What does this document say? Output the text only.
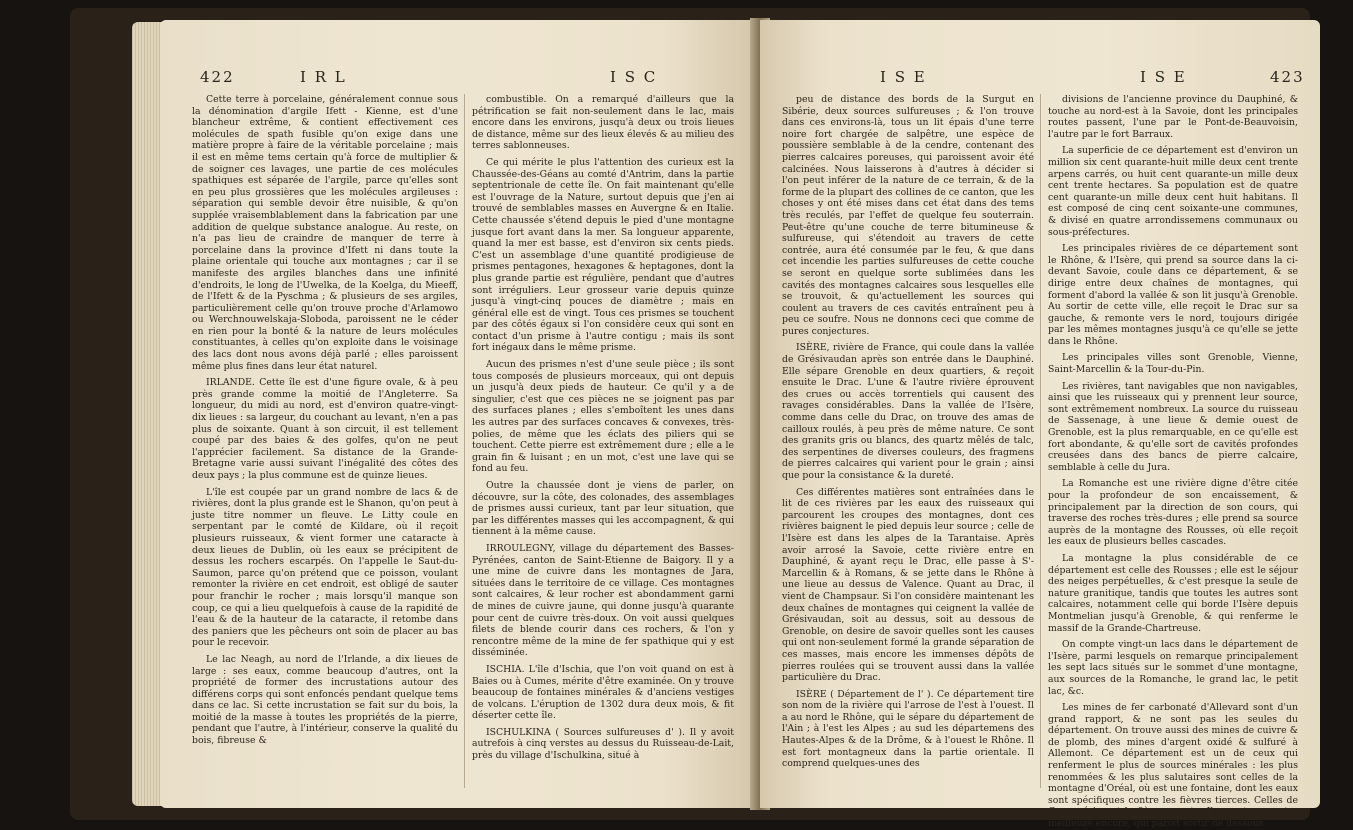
422	I R L	I S C

Cette terre à porcelaine, généralement connue sous la dénomination d'argile Ifett - Kienne, est d'une blancheur extrême, & contient effectivement ces molécules de spath fusible qu'on exige dans une matière propre à faire de la véritable porcelaine ; mais il est en même tems certain qu'à force de multiplier & de soigner ces lavages, une partie de ces molécules spathiques est séparée de l'argile, parce qu'elles sont en peu plus grossières que les molécules argileuses : séparation qui semble devoir être nuisible, & qu'on supplée vraisemblablement dans la fabrication par une addition de quelque substance analogue. Au reste, on n'a pas lieu de craindre de manquer de terre à porcelaine dans la province d'Ifett ni dans toute la plaine orientale qui touche aux montagnes ; car il se manifeste des argiles blanches dans une infinité d'endroits, le long de l'Uwelka, de la Koelga, du Mieeff, de l'Ifett & de la Pyschma ; & plusieurs de ses argiles, particulièrement celle qu'on trouve proche d'Arlamowo ou Werchnouwelskaja-Sloboda, paroissent ne le céder en rien pour la bonté & la nature de leurs molécules constituantes, à celles qu'on exploite dans le voisinage des lacs dont nous avons déjà parlé ; elles paroissent même plus fines dans leur état naturel.

IRLANDE. Cette île est d'une figure ovale, & à peu près grande comme la moitié de l'Angleterre. Sa longueur, du midi au nord, est d'environ quatre-vingt-dix lieues : sa largeur, du couchant au levant, n'en a pas plus de soixante. Quant à son circuit, il est tellement coupé par des baies & des golfes, qu'on ne peut l'apprécier facilement. Sa distance de la Grande-Bretagne varie aussi suivant l'inégalité des côtes des deux pays ; la plus commune est de quinze lieues.

L'île est coupée par un grand nombre de lacs & de rivières, dont la plus grande est le Shanon, qu'on peut à juste titre nommer un fleuve. Le Litty coule en serpentant par le comté de Kildare, où il reçoit plusieurs ruisseaux, & vient former une cataracte à deux lieues de Dublin, où les eaux se précipitent de dessus les rochers escarpés. On l'appelle le Saut-du-Saumon, parce qu'on prétend que ce poisson, voulant remonter la rivière en cet endroit, est obligé de sauter pour franchir le rocher ; mais lorsqu'il manque son coup, ce qui a lieu quelquefois à cause de la rapidité de l'eau & de la hauteur de la cataracte, il retombe dans des paniers que les pêcheurs ont soin de placer au bas pour le recevoir.

Le lac Neagh, au nord de l'Irlande, a dix lieues de large : ses eaux, comme beaucoup d'autres, ont la propriété de former des incrustations autour des différens corps qui sont enfoncés pendant quelque tems dans ce lac. Si cette incrustation se fait sur du bois, la moitié de la masse à toutes les propriétés de la pierre, pendant que l'autre, à l'intérieur, conserve la qualité du bois, fibreuse &

combustible. On a remarqué d'ailleurs que la pétrification se fait non-seulement dans le lac, mais encore dans les environs, jusqu'à deux ou trois lieues de distance, même sur des lieux élevés & au milieu des terres sablonneuses.

Ce qui mérite le plus l'attention des curieux est la Chaussée-des-Géans au comté d'Antrim, dans la partie septentrionale de cette île. On fait maintenant qu'elle est l'ouvrage de la Nature, surtout depuis que j'en ai trouvé de semblables masses en Auvergne & en Italie. Cette chaussée s'étend depuis le pied d'une montagne jusque fort avant dans la mer. Sa longueur apparente, quand la mer est basse, est d'environ six cents pieds. C'est un assemblage d'une quantité prodigieuse de prismes pentagones, hexagones & heptagones, dont la plus grande partie est régulière, pendant que d'autres sont irréguliers. Leur grosseur varie depuis quinze jusqu'à vingt-cinq pouces de diamètre ; mais en général elle est de vingt. Tous ces prismes se touchent par des côtés égaux si l'on considère ceux qui sont en contact d'un prisme à l'autre contigu ; mais ils sont fort inégaux dans le même prisme.

Aucun des prismes n'est d'une seule pièce ; ils sont tous composés de plusieurs morceaux, qui ont depuis un jusqu'à deux pieds de hauteur. Ce qu'il y a de singulier, c'est que ces pièces ne se joignent pas par des surfaces planes ; elles s'emboîtent les unes dans les autres par des surfaces concaves & convexes, très-polies, de même que les éclats des piliers qui se touchent. Cette pierre est extrêmement dure ; elle a le grain fin & luisant ; en un mot, c'est une lave qui se fond au feu.

Outre la chaussée dont je viens de parler, on découvre, sur la côte, des colonades, des assemblages de prismes aussi curieux, tant par leur situation, que par les différentes masses qui les accompagnent, & qui tiennent à la même cause.

IRROULEGNY, village du département des Basses-Pyrénées, canton de Saint-Etienne de Baigory. Il y a une mine de cuivre dans les montagnes de Jara, situées dans le territoire de ce village. Ces montagnes sont calcaires, & leur rocher est abondamment garni de mines de cuivre jaune, qui donne jusqu'à quarante pour cent de cuivre très-doux. On voit aussi quelques filets de blende courir dans ces rochers, & l'on y rencontre même de la mine de fer spathique qui y est disséminée.

ISCHIA. L'île d'Ischia, que l'on voit quand on est à Baies ou à Cumes, mérite d'être examinée. On y trouve beaucoup de fontaines minérales & d'anciens vestiges de volcans. L'éruption de 1302 dura deux mois, & fit déserter cette île.

ISCHULKINA ( Sources sulfureuses d' ). Il y avoit autrefois à cinq verstes au dessus du Ruisseau-de-Lait, près du village d'Ischulkina, situé à

I S E	I S E	423

peu de distance des bords de la Surgut en Sibérie, deux sources sulfureuses ; & l'on trouve dans ces environs-là, tous un lit épais d'une terre noire fort chargée de salpêtre, une espèce de poussière semblable à de la cendre, contenant des pierres calcaires poreuses, qui paroissent avoir été calcinées. Nous laisserons à d'autres à décider si l'on peut inférer de la nature de ce terrain, & de la forme de la plupart des collines de ce canton, que les choses y ont été mises dans cet état dans des tems très reculés, par l'effet de quelque feu souterrain. Peut-être qu'une couche de terre bitumineuse & sulfureuse, qui s'étendoit au travers de cette contrée, aura été consumée par le feu, & que dans cet incendie les parties sulfureuses de cette couche se seront en quelque sorte sublimées dans les cavités des montagnes calcaires sous lesquelles elle se trouvoit, & qu'actuellement les sources qui coulent au travers de ces cavités entraînent peu à peu ce soufre. Nous ne donnons ceci que comme de pures conjectures.

ISÈRE, rivière de France, qui coule dans la vallée de Grésivaudan après son entrée dans le Dauphiné. Elle sépare Grenoble en deux quartiers, & reçoit ensuite le Drac. L'une & l'autre rivière éprouvent des crues ou accès torrentiels qui causent des ravages considérables. Dans la vallée de l'Isère, comme dans celle du Drac, on trouve des amas de cailloux roulés, à peu près de même nature. Ce sont des granits gris ou blancs, des quartz mêlés de talc, des serpentines de diverses couleurs, des fragmens de pierres calcaires qui varient pour le grain ; ainsi que pour la consistance & la dureté.

Ces différentes matières sont entraînées dans le lit de ces rivières par les eaux des ruisseaux qui parcourent les croupes des montagnes, dont ces rivières baignent le pied depuis leur source ; celle de l'Isère est dans les alpes de la Tarantaise. Après avoir arrosé la Savoie, cette rivière entre en Dauphiné, & ayant reçu le Drac, elle passe à S'-Marcellin & à Romans, & se jette dans le Rhône à une lieue au dessus de Valence. Quant au Drac, il vient de Champsaur. Si l'on considère maintenant les deux chaînes de montagnes qui ceignent la vallée de Grésivaudan, soit au dessus, soit au dessous de Grenoble, on desire de savoir quelles sont les causes qui ont non-seulement formé la grande séparation de ces masses, mais encore les immenses dépôts de pierres roulées qui se trouvent aussi dans la vallée particulière du Drac.

ISÈRE ( Département de l' ). Ce département tire son nom de la rivière qui l'arrose de l'est à l'ouest. Il a au nord le Rhône, qui le sépare du département de l'Ain ; à l'est les Alpes ; au sud les départemens des Hautes-Alpes & de la Drôme, & à l'ouest le Rhône. Il est fort montagneux dans la partie orientale. Il comprend quelques-unes des

divisions de l'ancienne province du Dauphiné, & touche au nord-est à la Savoie, dont les principales routes passent, l'une par le Pont-de-Beauvoisin, l'autre par le fort Barraux.

La superficie de ce département est d'environ un million six cent quarante-huit mille deux cent trente arpens carrés, ou huit cent quarante-un mille deux cent trente hectares. Sa population est de quatre cent quarante-un mille deux cent huit habitans. Il est composé de cinq cent soixante-une communes, & divisé en quatre arrondissemens communaux ou sous-préfectures.

Les principales rivières de ce département sont le Rhône, & l'Isère, qui prend sa source dans la ci-devant Savoie, coule dans ce département, & se dirige entre deux chaînes de montagnes, qui forment d'abord la vallée & son lit jusqu'à Grenoble. Au sortir de cette ville, elle reçoit le Drac sur sa gauche, & remonte vers le nord, toujours dirigée par les mêmes montagnes jusqu'à ce qu'elle se jette dans le Rhône.

Les principales villes sont Grenoble, Vienne, Saint-Marcellin & la Tour-du-Pin.

Les rivières, tant navigables que non navigables, ainsi que les ruisseaux qui y prennent leur source, sont extrêmement nombreux. La source du ruisseau de Sassenage, à une lieue & demie ouest de Grenoble, est la plus remarquable, en ce qu'elle est fort abondante, & qu'elle sort de cavités profondes creusées dans des bancs de pierre calcaire, semblable à celle du Jura.

La Romanche est une rivière digne d'être citée pour la profondeur de son encaissement, & principalement par la direction de son cours, qui traverse des roches très-dures ; elle prend sa source auprès de la montagne des Rousses, où elle reçoit les eaux de plusieurs belles cascades.

La montagne la plus considérable de ce département est celle des Rousses ; elle est le séjour des neiges perpétuelles, & c'est presque la seule de nature granitique, tandis que toutes les autres sont calcaires, notamment celle qui borde l'Isère depuis Montmelian jusqu'à Grenoble, & qui renferme le massif de la Grande-Chartreuse.

On compte vingt-un lacs dans le département de l'Isère, parmi lesquels on remarque principalement les sept lacs situés sur le sommet d'une montagne, aux sources de la Romanche, le grand lac, le petit lac, &c.

Les mines de fer carbonaté d'Allevard sont d'un grand rapport, & ne sont pas les seules du département. On trouve aussi des mines de cuivre & de plomb, des mines d'argent oxidé & sulfuré à Allemont. Ce département est un de ceux qui renferment le plus de sources minérales : les plus renommées & les plus salutaires sont celles de la montagne d'Oréal, où est une fontaine, dont les eaux sont spécifiques contre les fièvres tierces. Celles de Gap guérissent la fièvre quarte. Il en est une autre meilleure encore, qui paroît sortir de dessous
